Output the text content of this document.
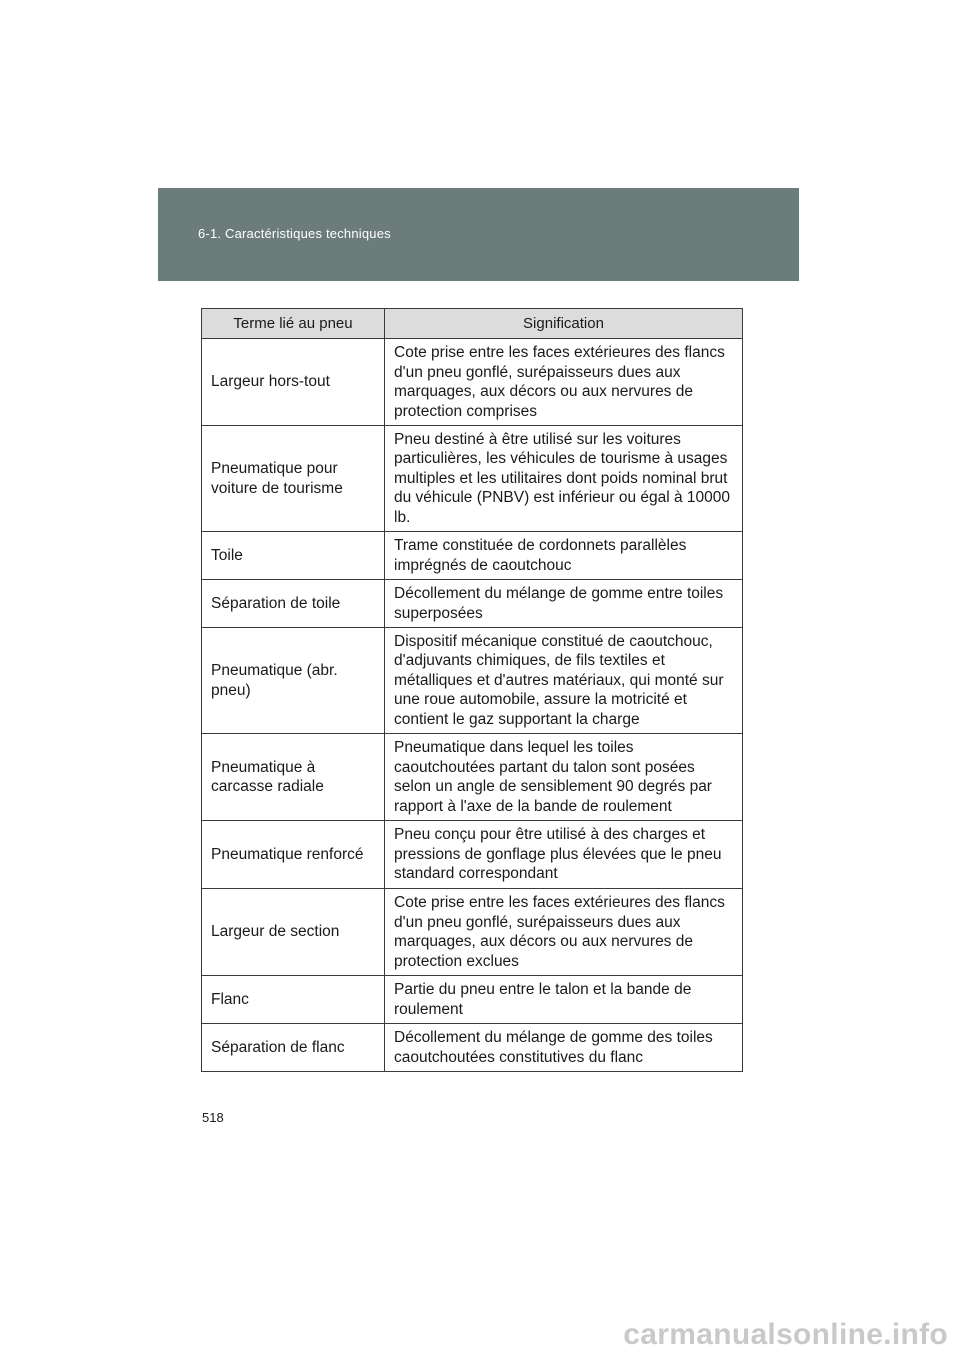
6-1. Caractéristiques techniques
Terme lié au pneu	Signification
Largeur hors-tout	Cote prise entre les faces extérieures des flancs d'un pneu gonflé, surépaisseurs dues aux marquages, aux décors ou aux nervures de protection comprises
Pneumatique pour voiture de tourisme	Pneu destiné à être utilisé sur les voitures particulières, les véhicules de tourisme à usages multiples et les utilitaires dont poids nominal brut du véhicule (PNBV) est inférieur ou égal à 10000 lb.
Toile	Trame constituée de cordonnets parallèles imprégnés de caoutchouc
Séparation de toile	Décollement du mélange de gomme entre toiles superposées
Pneumatique (abr. pneu)	Dispositif mécanique constitué de caoutchouc, d'adjuvants chimiques, de fils textiles et métalliques et d'autres matériaux, qui monté sur une roue automobile, assure la motricité et contient le gaz supportant la charge
Pneumatique à carcasse radiale	Pneumatique dans lequel les toiles caoutchoutées partant du talon sont posées selon un angle de sensiblement 90 degrés par rapport à l'axe de la bande de roulement
Pneumatique renforcé	Pneu conçu pour être utilisé à des charges et pressions de gonflage plus élevées que le pneu standard correspondant
Largeur de section	Cote prise entre les faces extérieures des flancs d'un pneu gonflé, surépaisseurs dues aux marquages, aux décors ou aux nervures de protection exclues
Flanc	Partie du pneu entre le talon et la bande de roulement
Séparation de flanc	Décollement du mélange de gomme des toiles caoutchoutées constitutives du flanc
518
carmanualsonline.info
